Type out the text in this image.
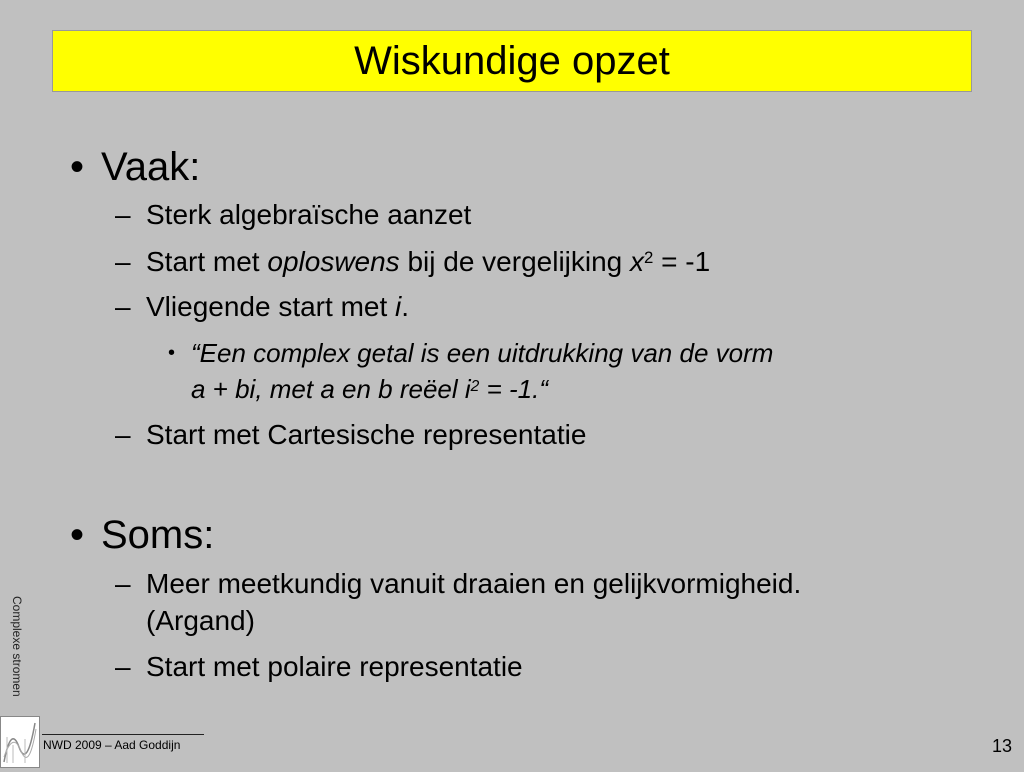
Wiskundige opzet
• Vaak:
– Sterk algebraïsche aanzet
– Start met oploswens bij de vergelijking $x^2 = -1$
– Vliegende start met i.
• “Een complex getal is een uitdrukking van de vorm
a + bi, met a en b reëel $i^2$ = -1.“
– Start met Cartesische representatie
• Soms:
– Meer meetkundig vanuit draaien en gelijkvormigheid.
(Argand)
– Start met polaire representatie
Complexe stromen
NWD 2009 – Aad Goddijn	13
